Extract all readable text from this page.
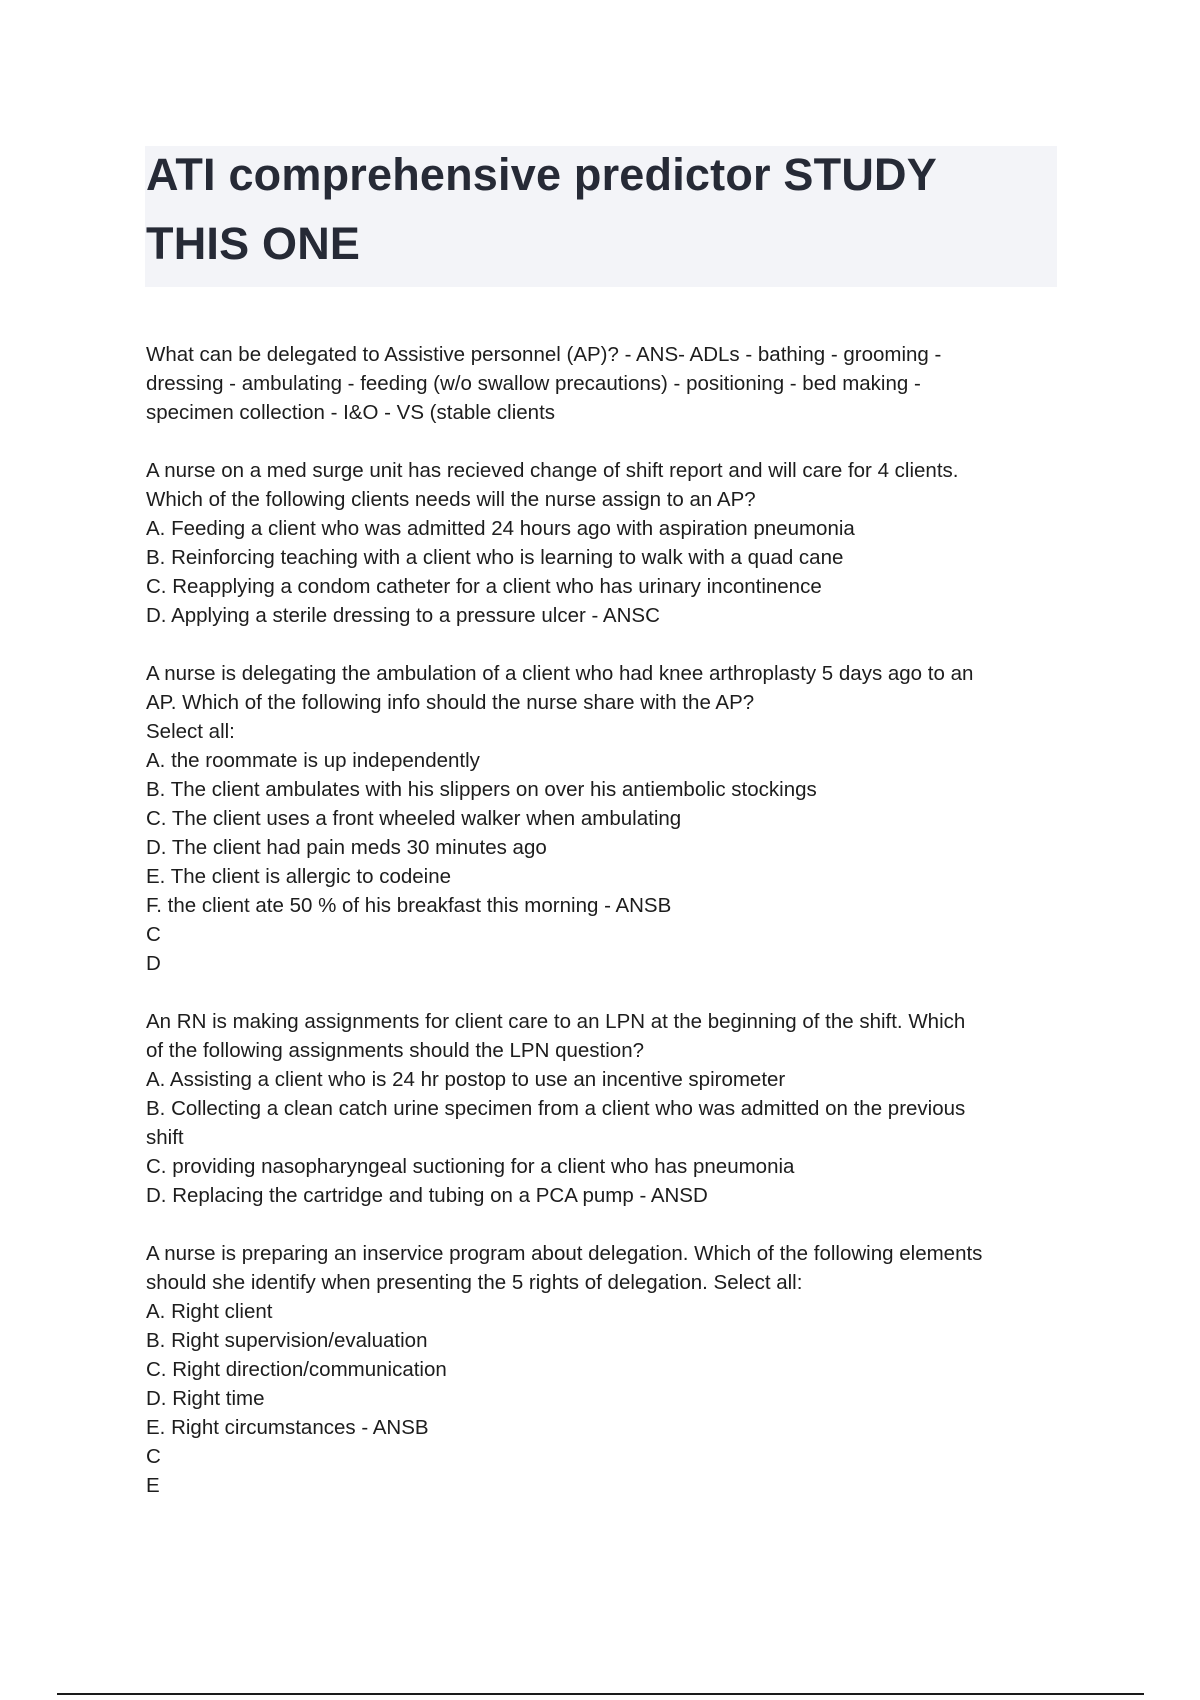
ATI comprehensive predictor STUDY
THIS ONE
What can be delegated to Assistive personnel (AP)? - ANS- ADLs - bathing - grooming -
dressing - ambulating - feeding (w/o swallow precautions) - positioning - bed making -
specimen collection - I&O - VS (stable clients
A nurse on a med surge unit has recieved change of shift report and will care for 4 clients.
Which of the following clients needs will the nurse assign to an AP?
A. Feeding a client who was admitted 24 hours ago with aspiration pneumonia
B. Reinforcing teaching with a client who is learning to walk with a quad cane
C. Reapplying a condom catheter for a client who has urinary incontinence
D. Applying a sterile dressing to a pressure ulcer - ANSC
A nurse is delegating the ambulation of a client who had knee arthroplasty 5 days ago to an
AP. Which of the following info should the nurse share with the AP?
Select all:
A. the roommate is up independently
B. The client ambulates with his slippers on over his antiembolic stockings
C. The client uses a front wheeled walker when ambulating
D. The client had pain meds 30 minutes ago
E. The client is allergic to codeine
F. the client ate 50 % of his breakfast this morning - ANSB
C
D
An RN is making assignments for client care to an LPN at the beginning of the shift. Which
of the following assignments should the LPN question?
A. Assisting a client who is 24 hr postop to use an incentive spirometer
B. Collecting a clean catch urine specimen from a client who was admitted on the previous
shift
C. providing nasopharyngeal suctioning for a client who has pneumonia
D. Replacing the cartridge and tubing on a PCA pump - ANSD
A nurse is preparing an inservice program about delegation. Which of the following elements
should she identify when presenting the 5 rights of delegation. Select all:
A. Right client
B. Right supervision/evaluation
C. Right direction/communication
D. Right time
E. Right circumstances - ANSB
C
E
